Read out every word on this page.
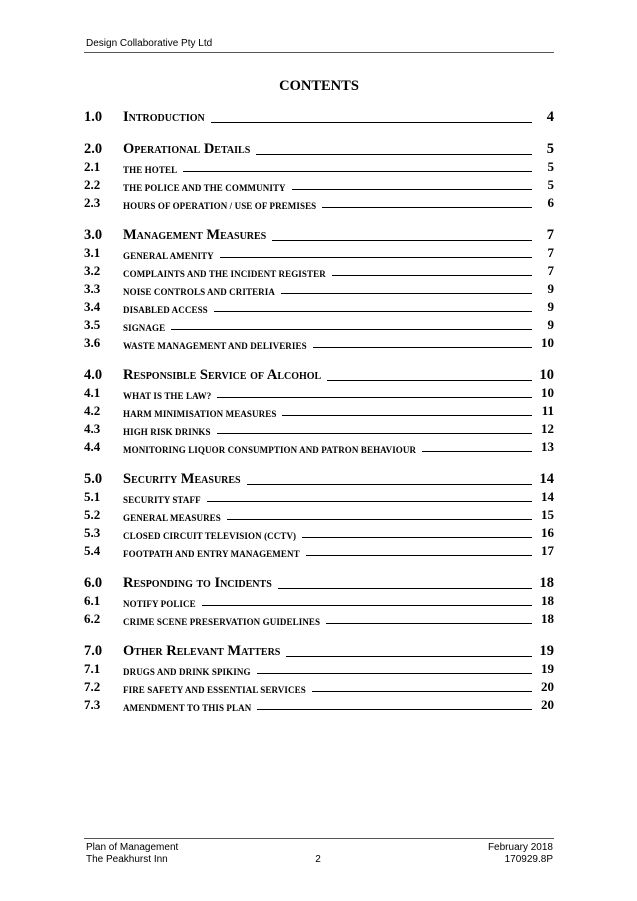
Design Collaborative Pty Ltd
CONTENTS
1.0	Introduction	4
2.0	Operational Details	5
2.1	THE HOTEL	5
2.2	THE POLICE AND THE COMMUNITY	5
2.3	HOURS OF OPERATION / USE OF PREMISES	6
3.0	Management Measures	7
3.1	GENERAL AMENITY	7
3.2	COMPLAINTS AND THE INCIDENT REGISTER	7
3.3	NOISE CONTROLS AND CRITERIA	9
3.4	DISABLED ACCESS	9
3.5	SIGNAGE	9
3.6	WASTE MANAGEMENT AND DELIVERIES	10
4.0	Responsible Service of Alcohol	10
4.1	WHAT IS THE LAW?	10
4.2	HARM MINIMISATION MEASURES	11
4.3	HIGH RISK DRINKS	12
4.4	MONITORING LIQUOR CONSUMPTION AND PATRON BEHAVIOUR	13
5.0	Security Measures	14
5.1	SECURITY STAFF	14
5.2	GENERAL MEASURES	15
5.3	CLOSED CIRCUIT TELEVISION (CCTV)	16
5.4	FOOTPATH AND ENTRY MANAGEMENT	17
6.0	Responding to Incidents	18
6.1	NOTIFY POLICE	18
6.2	CRIME SCENE PRESERVATION GUIDELINES	18
7.0	Other Relevant Matters	19
7.1	DRUGS AND DRINK SPIKING	19
7.2	FIRE SAFETY AND ESSENTIAL SERVICES	20
7.3	AMENDMENT TO THIS PLAN	20
Plan of Management
The Peakhurst Inn	2
February 2018
170929.8P
